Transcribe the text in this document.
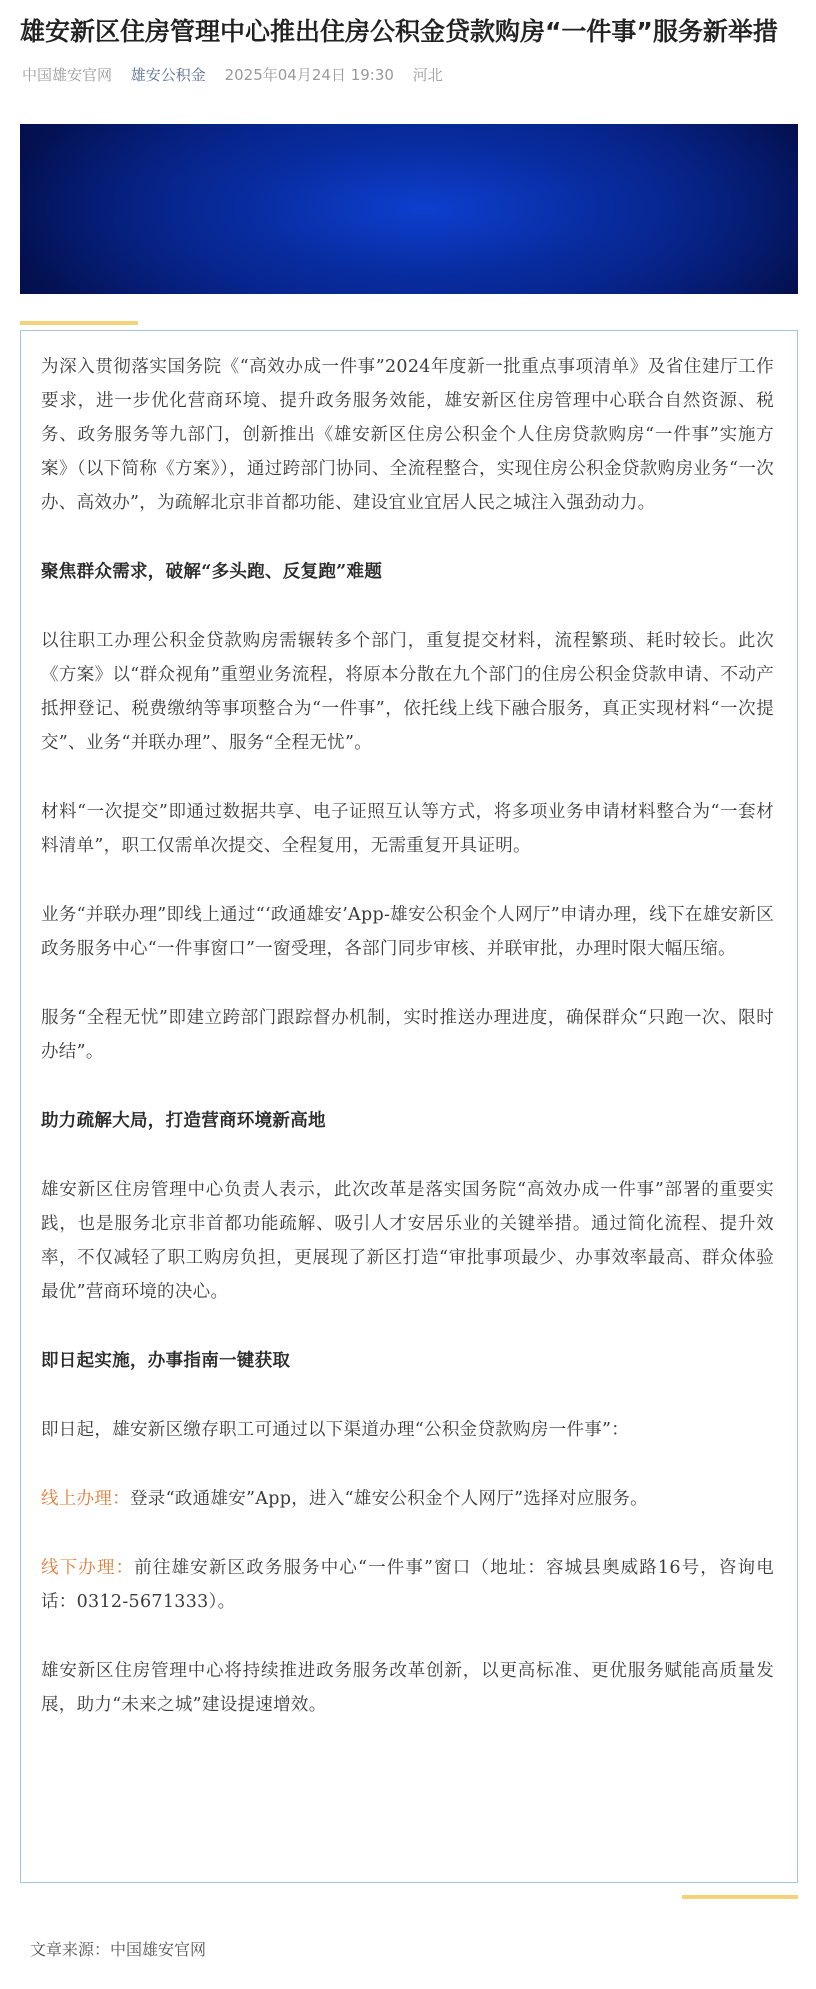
雄安新区住房管理中心推出住房公积金贷款购房“一件事”服务新举措
中国雄安官网 雄安公积金 2025年04月24日 19:30 河北

为深入贯彻落实国务院《“高效办成一件事”2024年度新一批重点事项清单》及省住建厅工作要求，进一步优化营商环境、提升政务服务效能，雄安新区住房管理中心联合自然资源、税务、政务服务等九部门，创新推出《雄安新区住房公积金个人住房贷款购房“一件事”实施方案》（以下简称《方案》），通过跨部门协同、全流程整合，实现住房公积金贷款购房业务“一次办、高效办”，为疏解北京非首都功能、建设宜业宜居人民之城注入强劲动力。

聚焦群众需求，破解“多头跑、反复跑”难题

以往职工办理公积金贷款购房需辗转多个部门，重复提交材料，流程繁琐、耗时较长。此次《方案》以“群众视角”重塑业务流程，将原本分散在九个部门的住房公积金贷款申请、不动产抵押登记、税费缴纳等事项整合为“一件事”，依托线上线下融合服务，真正实现材料“一次提交”、业务“并联办理”、服务“全程无忧”。

材料“一次提交”即通过数据共享、电子证照互认等方式，将多项业务申请材料整合为“一套材料清单”，职工仅需单次提交、全程复用，无需重复开具证明。

业务“并联办理”即线上通过“‘政通雄安’App-雄安公积金个人网厅”申请办理，线下在雄安新区政务服务中心“一件事窗口”一窗受理，各部门同步审核、并联审批，办理时限大幅压缩。

服务“全程无忧”即建立跨部门跟踪督办机制，实时推送办理进度，确保群众“只跑一次、限时办结”。

助力疏解大局，打造营商环境新高地

雄安新区住房管理中心负责人表示，此次改革是落实国务院“高效办成一件事”部署的重要实践，也是服务北京非首都功能疏解、吸引人才安居乐业的关键举措。通过简化流程、提升效率，不仅减轻了职工购房负担，更展现了新区打造“审批事项最少、办事效率最高、群众体验最优”营商环境的决心。

即日起实施，办事指南一键获取

即日起，雄安新区缴存职工可通过以下渠道办理“公积金贷款购房一件事”：

线上办理：登录“政通雄安”App，进入“雄安公积金个人网厅”选择对应服务。

线下办理：前往雄安新区政务服务中心“一件事”窗口（地址：容城县奥威路16号，咨询电话：0312-5671333）。

雄安新区住房管理中心将持续推进政务服务改革创新，以更高标准、更优服务赋能高质量发展，助力“未来之城”建设提速增效。

文章来源：中国雄安官网
